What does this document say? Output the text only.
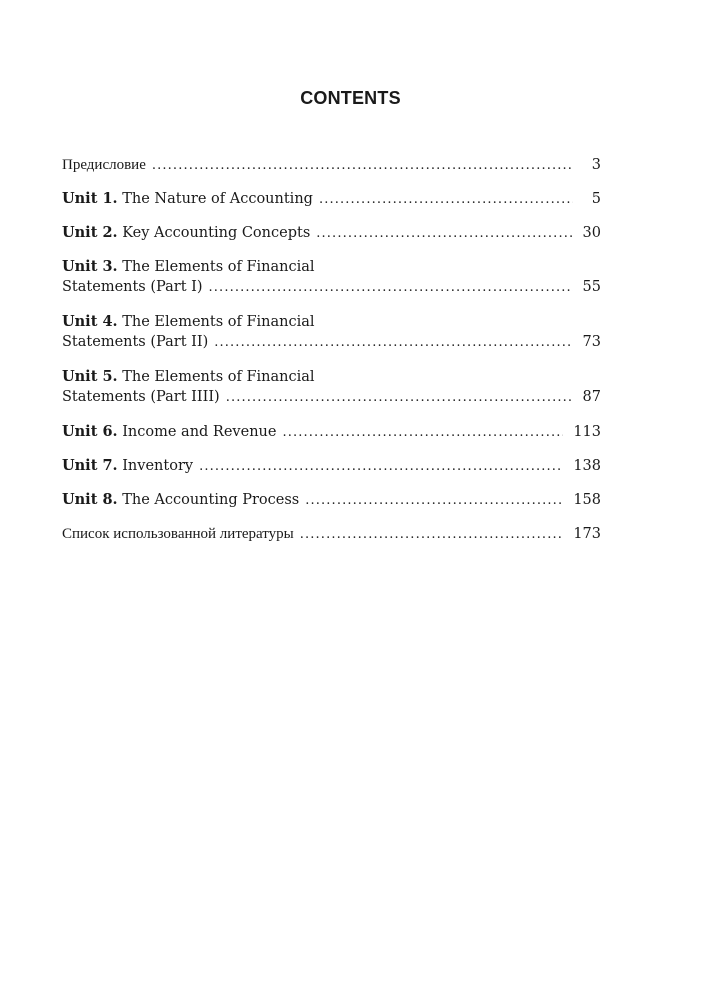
CONTENTS
Предисловие . . .	3
Unit 1. The Nature of Accounting . . .	5
Unit 2. Key Accounting Concepts . . .	30
Unit 3. The Elements of Financial
Statements (Part I) . . .	55
Unit 4. The Elements of Financial
Statements (Part II) . . .	73
Unit 5. The Elements of Financial
Statements (Part IIII) . . .	87
Unit 6. Income and Revenue . . .	113
Unit 7. Inventory . . .	138
Unit 8. The Accounting Process . . .	158
Список использованной литературы . . .	173
